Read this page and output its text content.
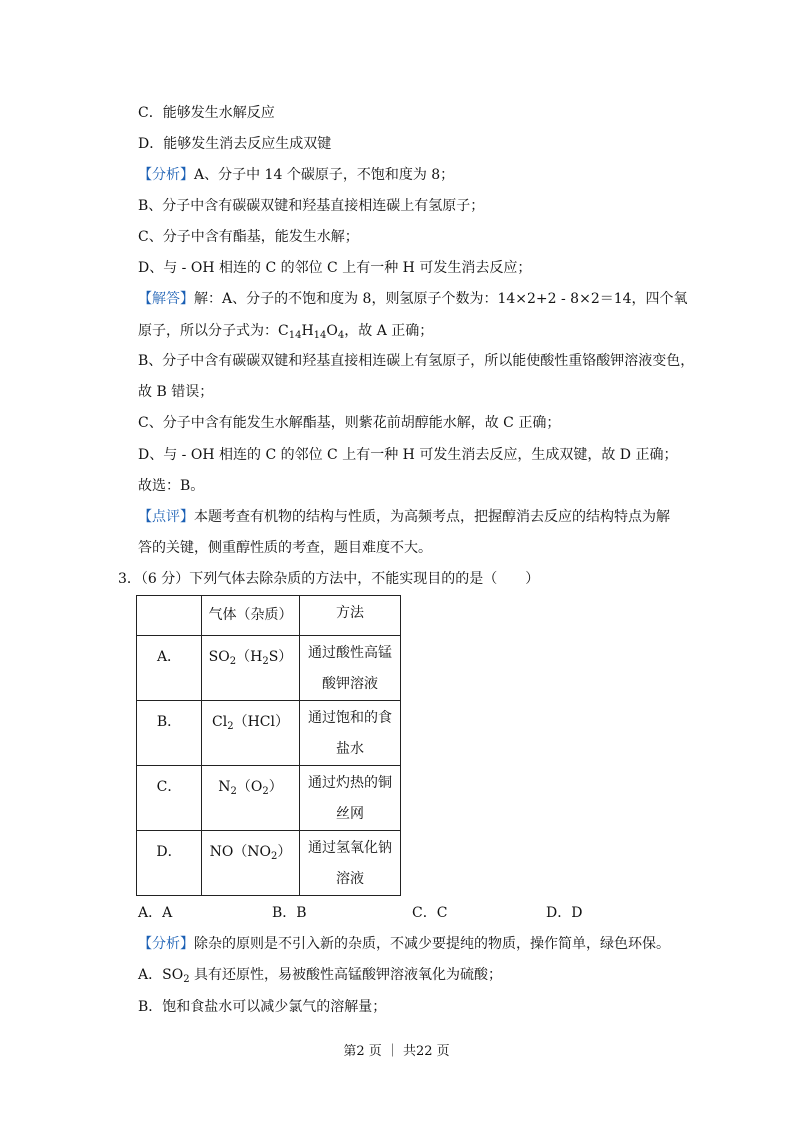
C．能够发生水解反应
D．能够发生消去反应生成双键
【分析】A、分子中 14 个碳原子，不饱和度为 8；
B、分子中含有碳碳双键和羟基直接相连碳上有氢原子；
C、分子中含有酯基，能发生水解；
D、与 - OH 相连的 C 的邻位 C 上有一种 H 可发生消去反应；
【解答】解：A、分子的不饱和度为 8，则氢原子个数为：14×2+2 - 8×2＝14，四个氧
原子，所以分子式为：$C_{14}H_{14}O_4$，故 A 正确；
B、分子中含有碳碳双键和羟基直接相连碳上有氢原子，所以能使酸性重铬酸钾溶液变色，
故 B 错误；
C、分子中含有能发生水解酯基，则紫花前胡醇能水解，故 C 正确；
D、与 - OH 相连的 C 的邻位 C 上有一种 H 可发生消去反应，生成双键，故 D 正确；
故选：B。
【点评】本题考查有机物的结构与性质，为高频考点，把握醇消去反应的结构特点为解
答的关键，侧重醇性质的考查，题目难度不大。
3．（6 分）下列气体去除杂质的方法中，不能实现目的的是（　　）
	气体（杂质）	方法
A．	$SO_2(H_2S)$	通过酸性高锰
酸钾溶液

B．	$Cl_2(HCl)$	通过饱和的食
盐水

C．	$N_2(O_2)$	通过灼热的铜
丝网

D．	$NO(NO_2)$	通过氢氧化钠
溶液
A．A	B．B	C．C	D．D
【分析】除杂的原则是不引入新的杂质，不减少要提纯的物质，操作简单，绿色环保。
A．$SO_2$ 具有还原性，易被酸性高锰酸钾溶液氧化为硫酸；
B．饱和食盐水可以减少氯气的溶解量；
第2 页 ｜ 共22 页
